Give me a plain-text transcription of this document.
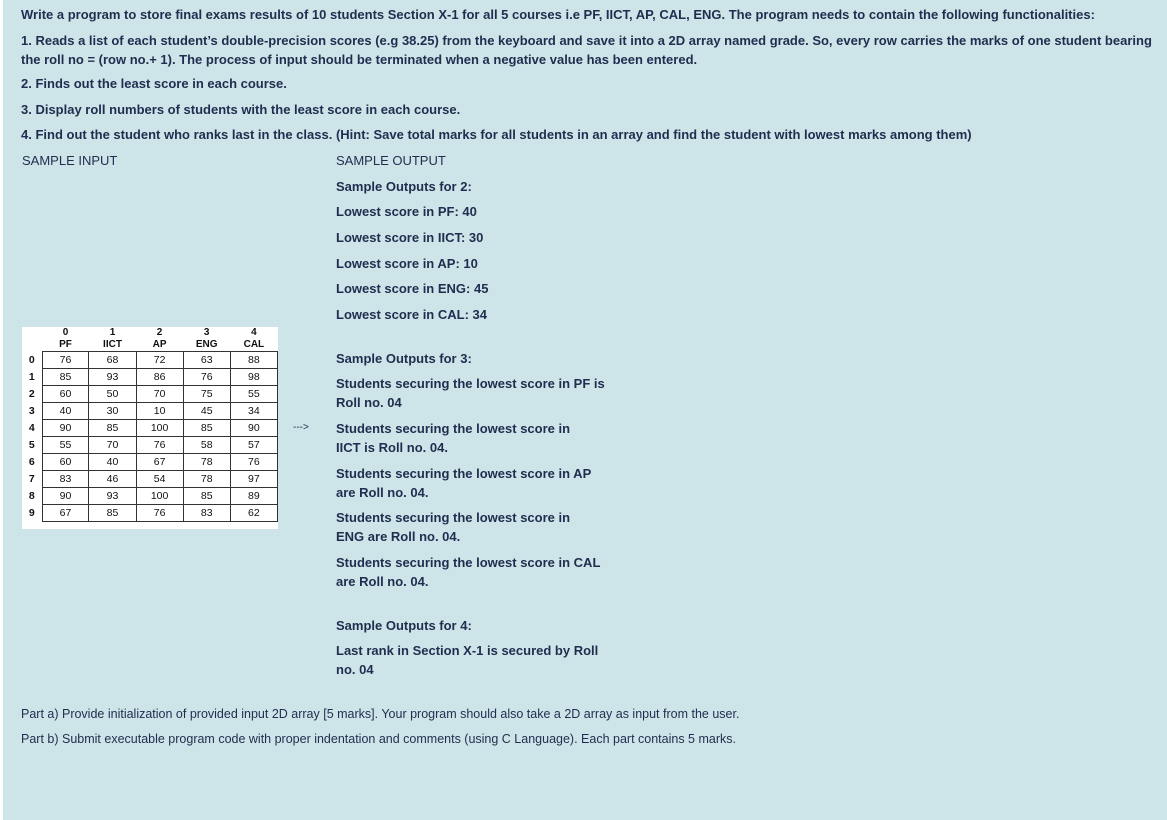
Write a program to store final exams results of 10 students Section X-1 for all 5 courses i.e PF, IICT, AP, CAL, ENG. The program needs to contain the following functionalities:
1. Reads a list of each student’s double-precision scores (e.g 38.25) from the keyboard and save it into a 2D array named grade. So, every row carries the marks of one student bearing the roll no = (row no.+ 1). The process of input should be terminated when a negative value has been entered.
2. Finds out the least score in each course.
3. Display roll numbers of students with the least score in each course.
4. Find out the student who ranks last in the class. (Hint: Save total marks for all students in an array and find the student with lowest marks among them)
SAMPLE INPUT	SAMPLE OUTPUT
Sample Outputs for 2:
Lowest score in PF: 40
Lowest score in IICT: 30
Lowest score in AP: 10
Lowest score in ENG: 45
Lowest score in CAL: 34
Sample Outputs for 3:
Students securing the lowest score in PF is Roll no. 04
Students securing the lowest score in IICT is Roll no. 04.
Students securing the lowest score in AP are Roll no. 04.
Students securing the lowest score in ENG are Roll no. 04.
Students securing the lowest score in CAL are Roll no. 04.
Sample Outputs for 4:
Last rank in Section X-1 is secured by Roll no. 04
--->
	0	1	2	3	4
	PF	IICT	AP	ENG	CAL
0	76	68	72	63	88
1	85	93	86	76	98
2	60	50	70	75	55
3	40	30	10	45	34
4	90	85	100	85	90
5	55	70	76	58	57
6	60	40	67	78	76
7	83	46	54	78	97
8	90	93	100	85	89
9	67	85	76	83	62
Part a) Provide initialization of provided input 2D array [5 marks]. Your program should also take a 2D array as input from the user.
Part b) Submit executable program code with proper indentation and comments (using C Language). Each part contains 5 marks.
